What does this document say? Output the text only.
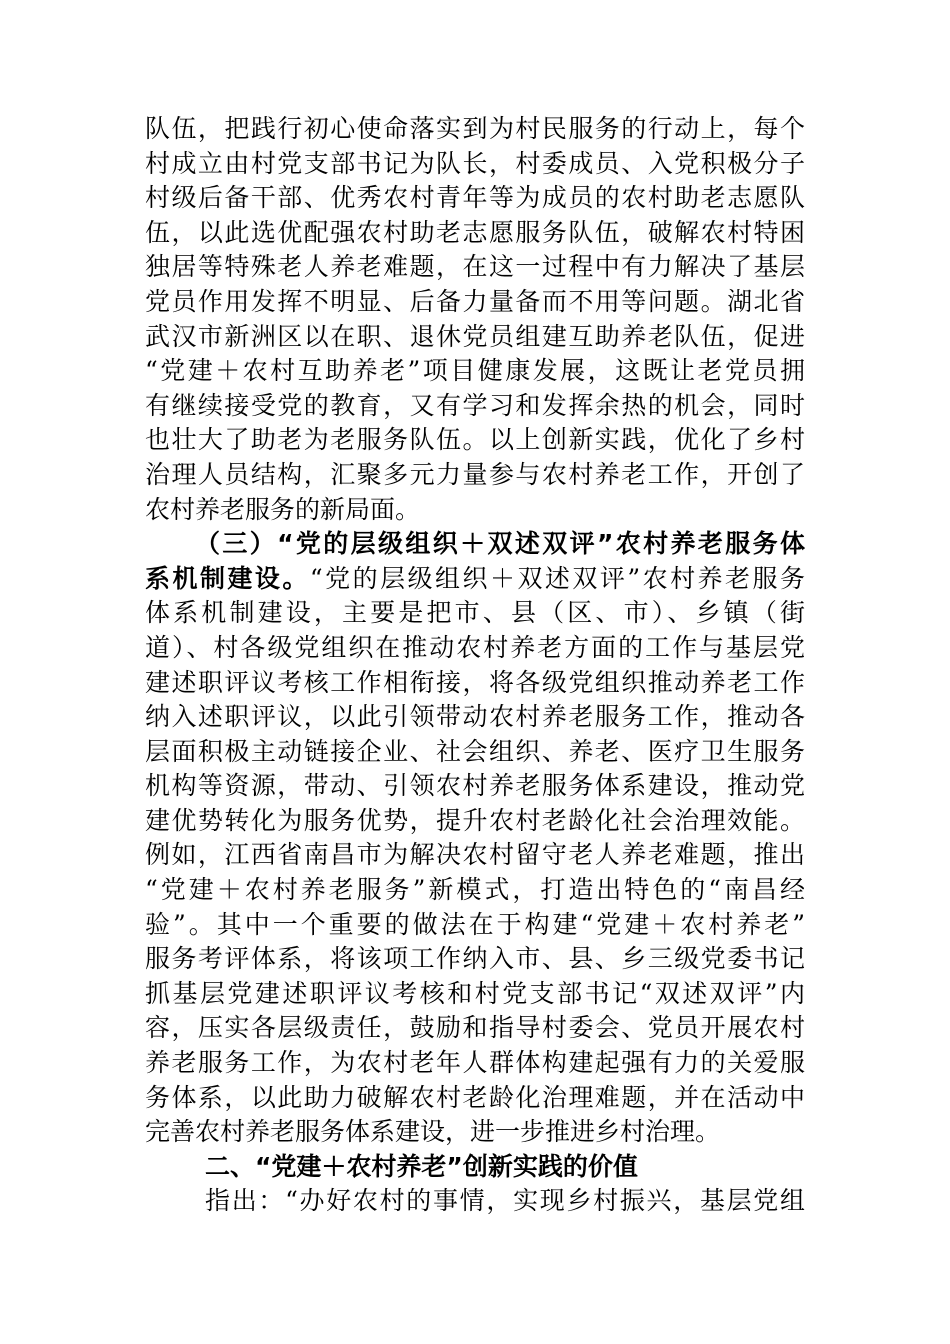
队伍，把践行初心使命落实到为村民服务的行动上，每个
村成立由村党支部书记为队长，村委成员、入党积极分子
村级后备干部、优秀农村青年等为成员的农村助老志愿队
伍，以此选优配强农村助老志愿服务队伍，破解农村特困
独居等特殊老人养老难题，在这一过程中有力解决了基层
党员作用发挥不明显、后备力量备而不用等问题。湖北省
武汉市新洲区以在职、退休党员组建互助养老队伍，促进
“党建＋农村互助养老”项目健康发展，这既让老党员拥
有继续接受党的教育，又有学习和发挥余热的机会，同时
也壮大了助老为老服务队伍。以上创新实践，优化了乡村
治理人员结构，汇聚多元力量参与农村养老工作，开创了
农村养老服务的新局面。
（三）“党的层级组织＋双述双评”农村养老服务体
系机制建设。“党的层级组织＋双述双评”农村养老服务
体系机制建设，主要是把市、县（区、市）、乡镇（街
道）、村各级党组织在推动农村养老方面的工作与基层党
建述职评议考核工作相衔接，将各级党组织推动养老工作
纳入述职评议，以此引领带动农村养老服务工作，推动各
层面积极主动链接企业、社会组织、养老、医疗卫生服务
机构等资源，带动、引领农村养老服务体系建设，推动党
建优势转化为服务优势，提升农村老龄化社会治理效能。
例如，江西省南昌市为解决农村留守老人养老难题，推出
“党建＋农村养老服务”新模式，打造出特色的“南昌经
验”。其中一个重要的做法在于构建“党建＋农村养老”
服务考评体系，将该项工作纳入市、县、乡三级党委书记
抓基层党建述职评议考核和村党支部书记“双述双评”内
容，压实各层级责任，鼓励和指导村委会、党员开展农村
养老服务工作，为农村老年人群体构建起强有力的关爱服
务体系，以此助力破解农村老龄化治理难题，并在活动中
完善农村养老服务体系建设，进一步推进乡村治理。
二、“党建＋农村养老”创新实践的价值
指出：“办好农村的事情，实现乡村振兴，基层党组
